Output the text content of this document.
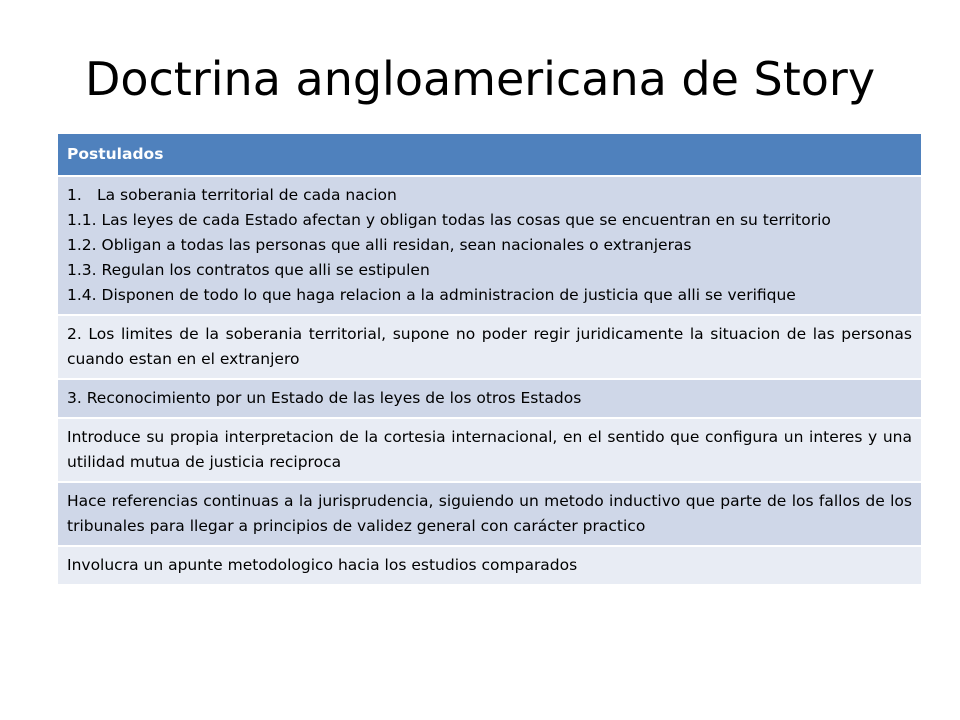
Doctrina angloamericana de Story
Postulados

1. La soberania territorial de cada nacion
1.1. Las leyes de cada Estado afectan y obligan todas las cosas que se encuentran en su territorio
1.2. Obligan a todas las personas que alli residan, sean nacionales o extranjeras
1.3. Regulan los contratos que alli se estipulen
1.4. Disponen de todo lo que haga relacion a la administracion de justicia que alli se verifique

2. Los limites de la soberania territorial, supone no poder regir juridicamente la situacion de las personas cuando estan en el extranjero
3. Reconocimiento por un Estado de las leyes de los otros Estados
Introduce su propia interpretacion de la cortesia internacional, en el sentido que configura un interes y una utilidad mutua de justicia reciproca
Hace referencias continuas a la jurisprudencia, siguiendo un metodo inductivo que parte de los fallos de los tribunales para llegar a principios de validez general con carácter practico
Involucra un apunte metodologico hacia los estudios comparados
